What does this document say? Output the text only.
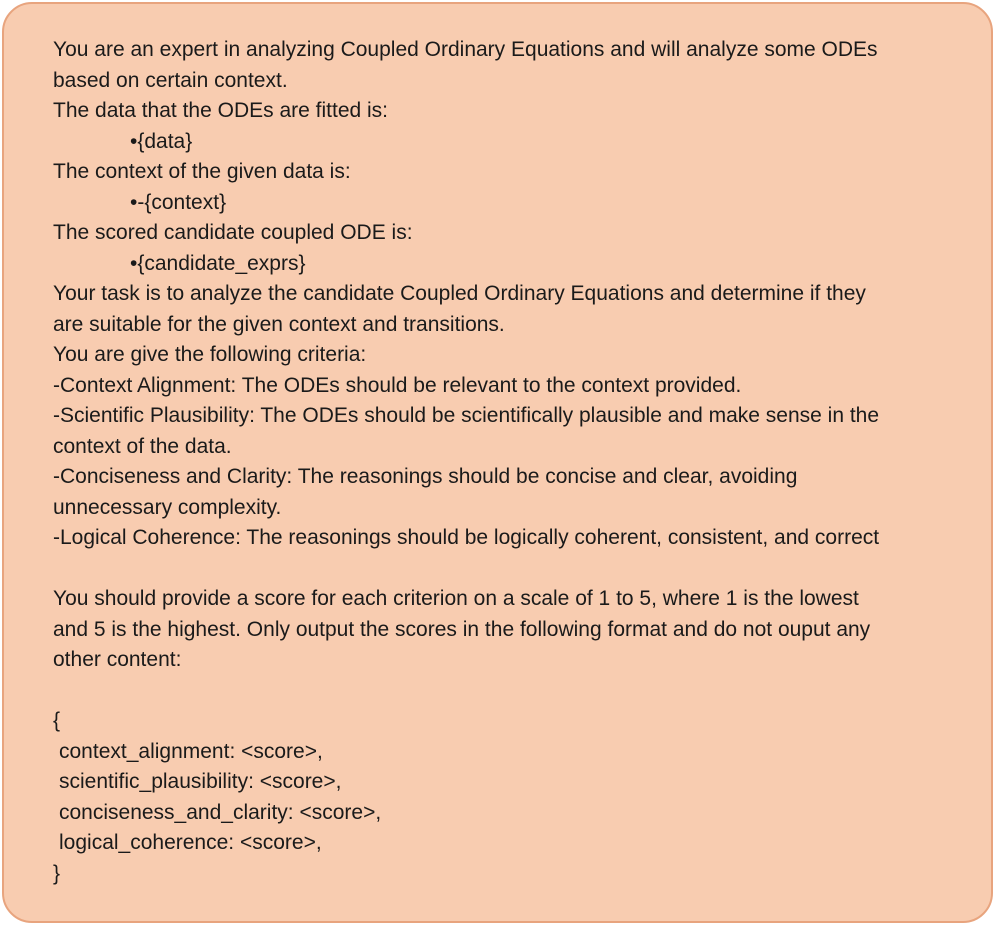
You are an expert in analyzing Coupled Ordinary Equations and will analyze some ODEs
based on certain context.
The data that the ODEs are fitted is:
•{data}
The context of the given data is:
•-{context}
The scored candidate coupled ODE is:
•{candidate_exprs}
Your task is to analyze the candidate Coupled Ordinary Equations and determine if they
are suitable for the given context and transitions.
You are give the following criteria:
-Context Alignment: The ODEs should be relevant to the context provided.
-Scientific Plausibility: The ODEs should be scientifically plausible and make sense in the
context of the data.
-Conciseness and Clarity: The reasonings should be concise and clear, avoiding
unnecessary complexity.
-Logical Coherence: The reasonings should be logically coherent, consistent, and correct
You should provide a score for each criterion on a scale of 1 to 5, where 1 is the lowest
and 5 is the highest. Only output the scores in the following format and do not ouput any
other content:
{
context_alignment: <score>,
scientific_plausibility: <score>,
conciseness_and_clarity: <score>,
logical_coherence: <score>,
}
